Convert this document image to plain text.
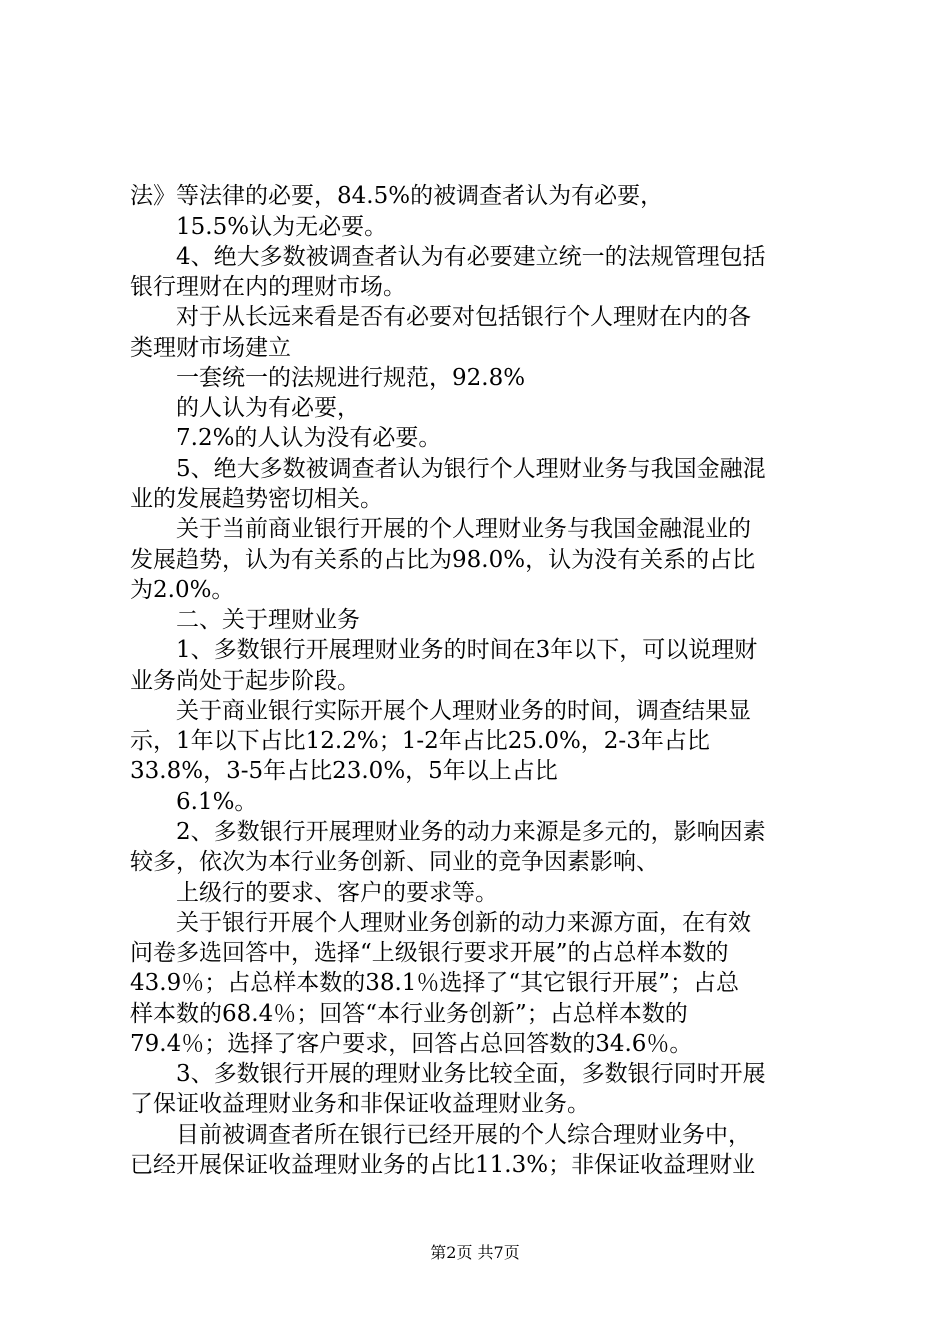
法》等法律的必要，84.5%的被调查者认为有必要，
15.5%认为无必要。
4、绝大多数被调查者认为有必要建立统一的法规管理包括
银行理财在内的理财市场。
对于从长远来看是否有必要对包括银行个人理财在内的各
类理财市场建立
一套统一的法规进行规范，92.8%
的人认为有必要，
7.2%的人认为没有必要。
5、绝大多数被调查者认为银行个人理财业务与我国金融混
业的发展趋势密切相关。
关于当前商业银行开展的个人理财业务与我国金融混业的
发展趋势，认为有关系的占比为98.0%，认为没有关系的占比
为2.0%。
二、关于理财业务
1、多数银行开展理财业务的时间在3年以下，可以说理财
业务尚处于起步阶段。
关于商业银行实际开展个人理财业务的时间，调查结果显
示，1年以下占比12.2%；1-2年占比25.0%，2-3年占比
33.8%，3-5年占比23.0%，5年以上占比
6.1%。
2、多数银行开展理财业务的动力来源是多元的，影响因素
较多，依次为本行业务创新、同业的竞争因素影响、
上级行的要求、客户的要求等。
关于银行开展个人理财业务创新的动力来源方面，在有效
问卷多选回答中，选择“上级银行要求开展”的占总样本数的
43.9％；占总样本数的38.1％选择了“其它银行开展”；占总
样本数的68.4％；回答“本行业务创新”；占总样本数的
79.4％；选择了客户要求，回答占总回答数的34.6％。
3、多数银行开展的理财业务比较全面，多数银行同时开展
了保证收益理财业务和非保证收益理财业务。
目前被调查者所在银行已经开展的个人综合理财业务中，
已经开展保证收益理财业务的占比11.3%；非保证收益理财业
第2页 共7页
